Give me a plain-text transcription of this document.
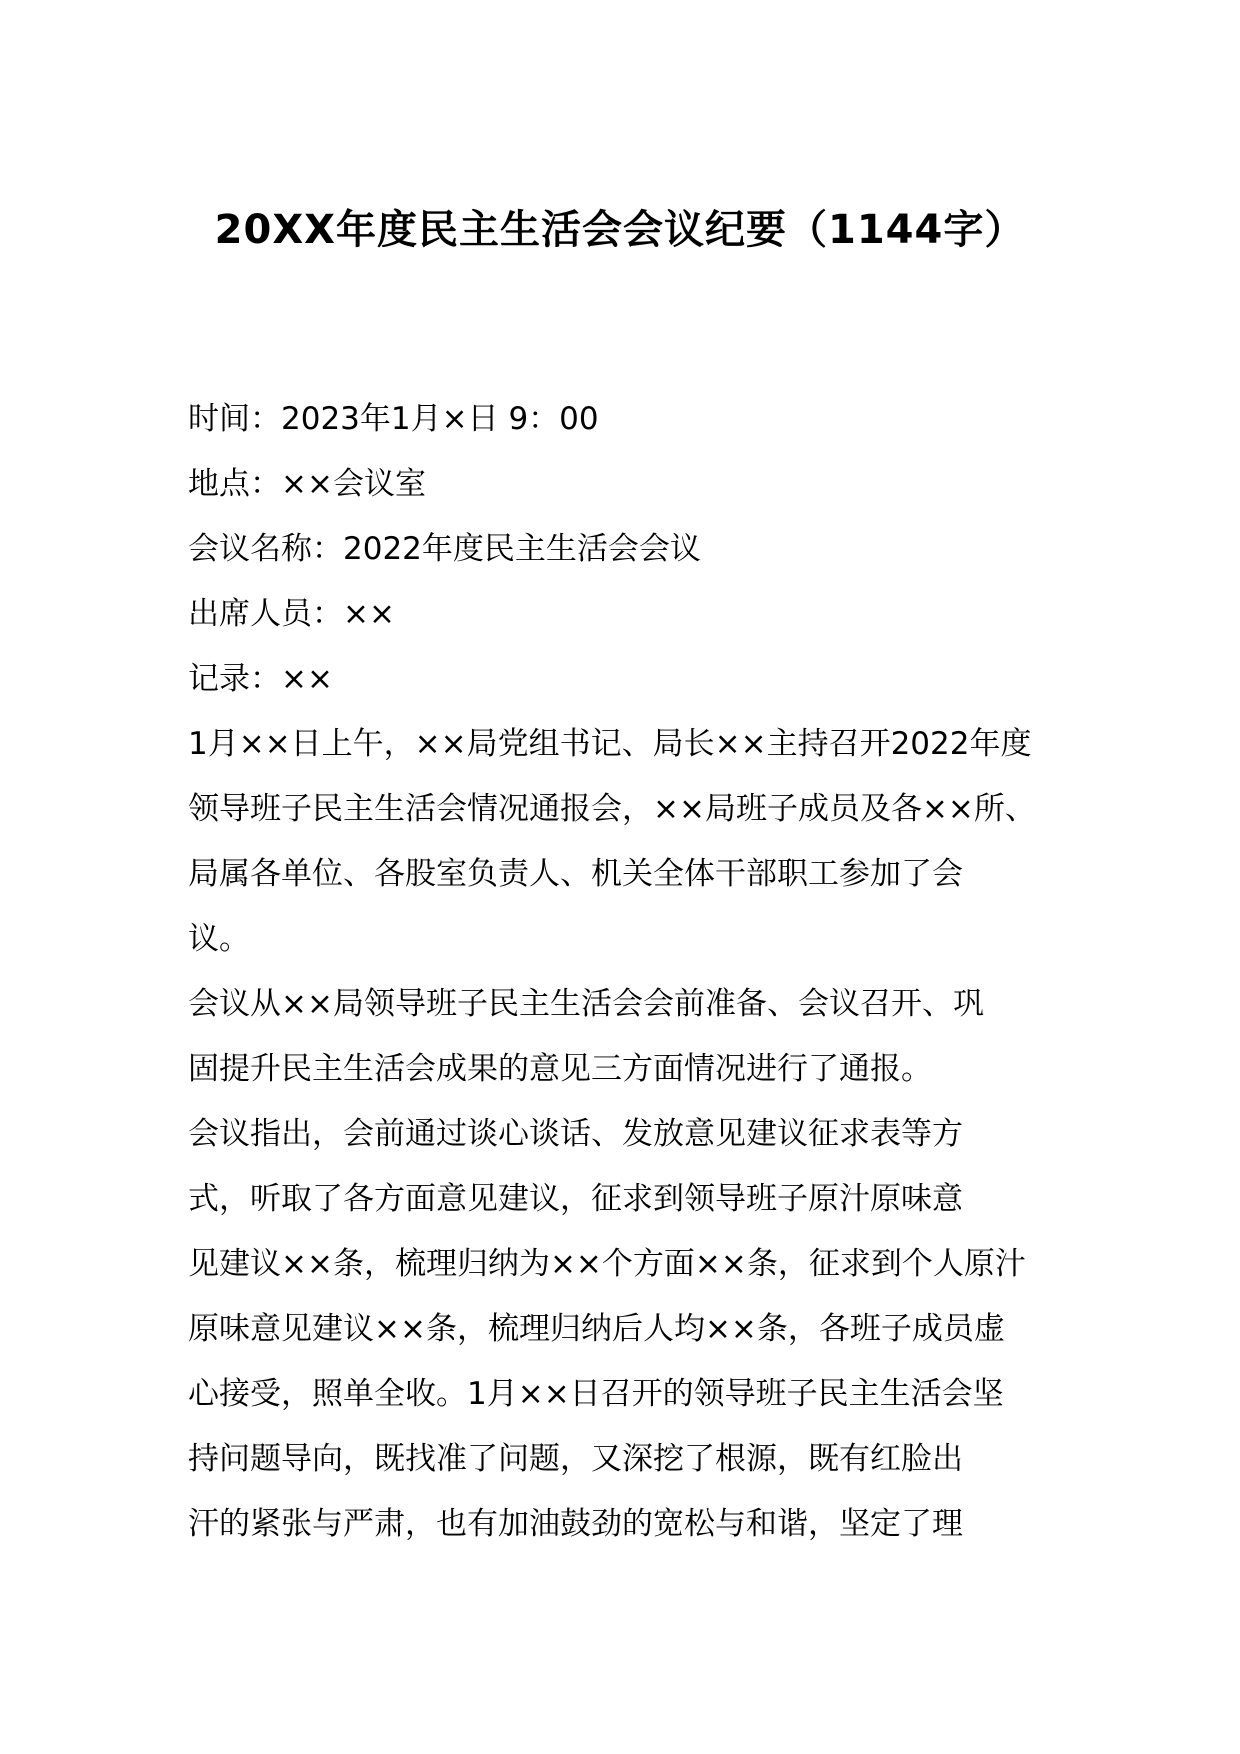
20XX年度民主生活会会议纪要（1144字）
时间：2023年1月×日 9：00
地点：××会议室
会议名称：2022年度民主生活会会议
出席人员：××
记录：××
1月××日上午，××局党组书记、局长××主持召开2022年度
领导班子民主生活会情况通报会，××局班子成员及各××所、
局属各单位、各股室负责人、机关全体干部职工参加了会
议。
会议从××局领导班子民主生活会会前准备、会议召开、巩
固提升民主生活会成果的意见三方面情况进行了通报。
会议指出，会前通过谈心谈话、发放意见建议征求表等方
式，听取了各方面意见建议，征求到领导班子原汁原味意
见建议××条，梳理归纳为××个方面××条，征求到个人原汁
原味意见建议××条，梳理归纳后人均××条，各班子成员虚
心接受，照单全收。1月××日召开的领导班子民主生活会坚
持问题导向，既找准了问题，又深挖了根源，既有红脸出
汗的紧张与严肃，也有加油鼓劲的宽松与和谐，坚定了理
